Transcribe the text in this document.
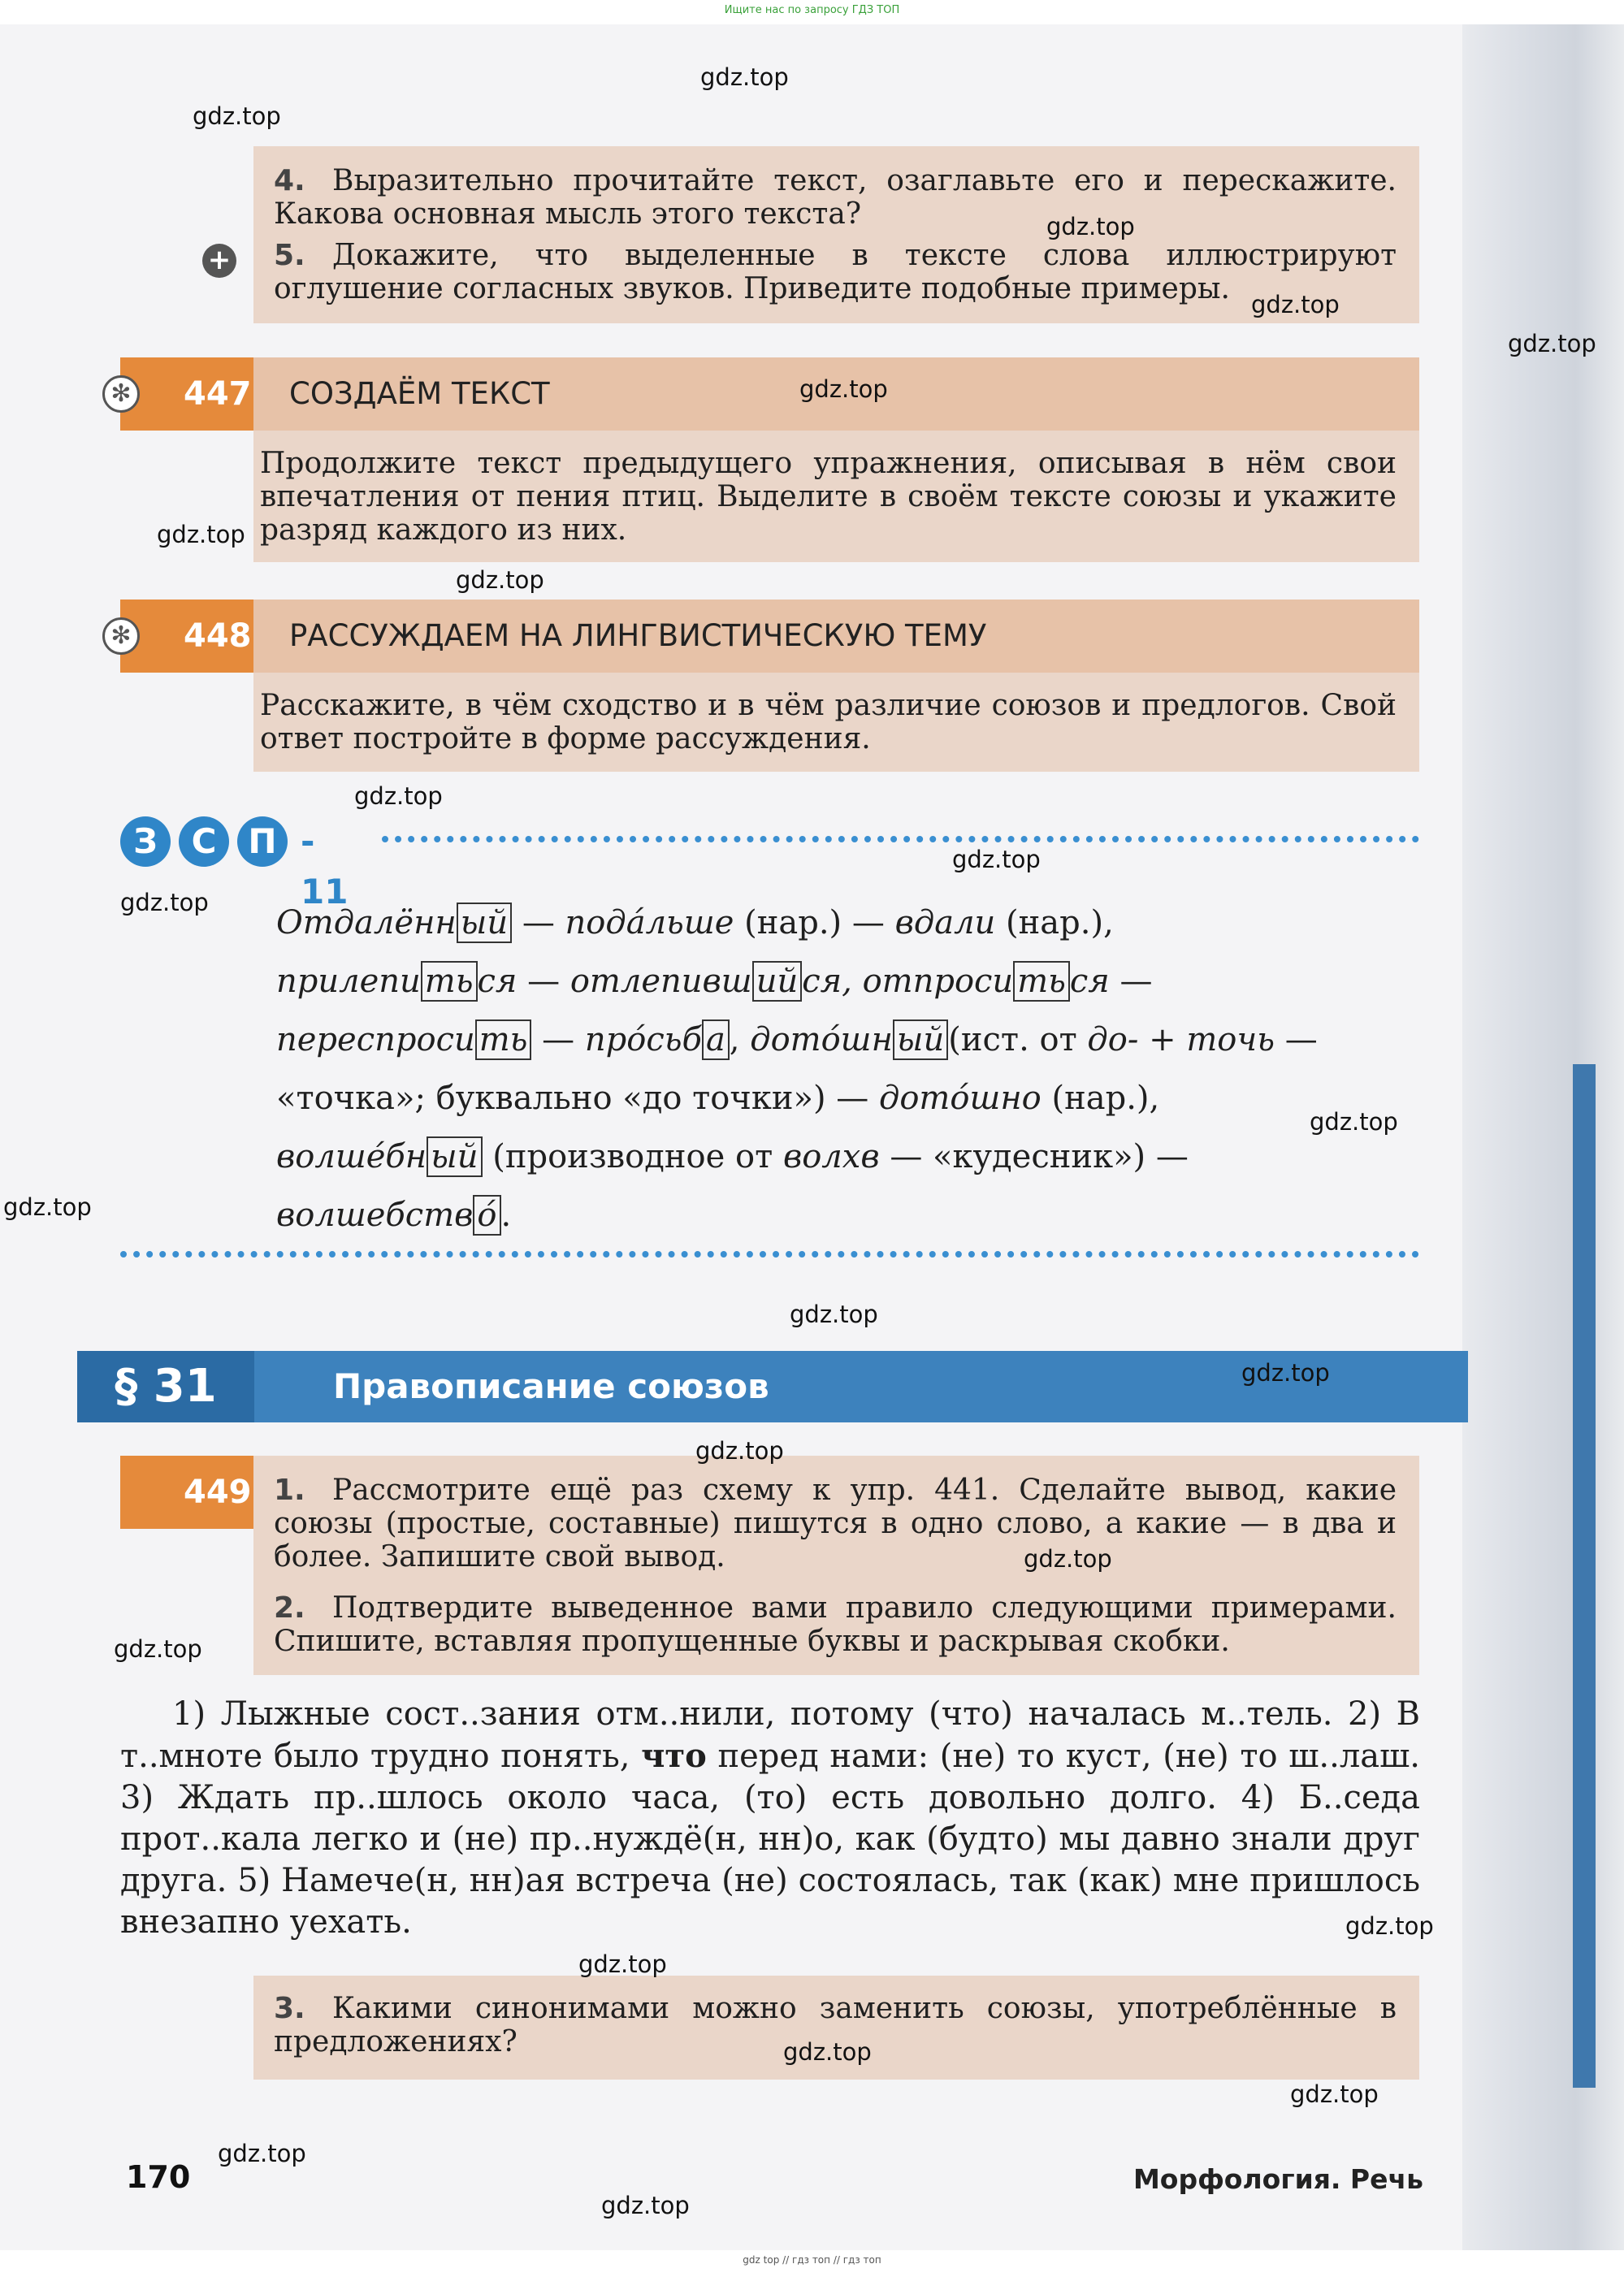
Ищите нас по запросу ГДЗ ТОП

4. Выразительно прочитайте текст, озаглавьте его и перескажите. Какова основная мысль этого текста?

5. Докажите, что выделенные в тексте слова иллюстрируют оглушение согласных звуков. Приведите подобные примеры.

+
447
✻	СОЗДАЁМ ТЕКСТ

Продолжите текст предыдущего упражнения, описывая в нём свои впечатления от пения птиц. Выделите в своём тексте союзы и укажите разряд каждого из них.

448
✻	РАССУЖДАЕМ НА ЛИНГВИСТИЧЕСКУЮ ТЕМУ

Расскажите, в чём сходство и в чём различие союзов и предлогов. Свой ответ постройте в форме рассуждения.

З С П - 11

Отдалённ ый — подáльше (нар.) — вдали (нар.),

прилепи ть ся — отлепивш ий ся, отпроси ть ся —

переспроси ть — прóсьб а , дотóшн ый (ист. от до- + точь —

«точка»; буквально «до точки») — дотóшно (нар.),

волшéбн ый (производное от волхв — «кудесник») —

волшебств ó .

§ 31	Правописание союзов
449 1. Рассмотрите ещё раз схему к упр. 441. Сделайте вывод, какие союзы (простые, составные) пишутся в одно слово, а какие — в два и более. Запишите свой вывод.

2. Подтвердите выведенное вами правило следующими примерами. Спишите, вставляя пропущенные буквы и раскрывая скобки.

1) Лыжные сост..зания отм..нили, потому (что) началась м..тель. 2) В т..мноте было трудно понять, что перед нами: (не) то куст, (не) то ш..лаш. 3) Ждать пр..шлось около часа, (то) есть довольно долго. 4) Б..седа прот..кала легко и (не) пр..нуждё(н, нн)о, как (будто) мы давно знали друг друга. 5) Намече(н, нн)ая встреча (не) состоялась, так (как) мне пришлось внезапно уехать.

3. Какими синонимами можно заменить союзы, употреблённые в предложениях?

170	Морфология. Речь
gdz top // гдз топ // гдз топ
gdz.top
gdz.top
gdz.top
gdz.top
gdz.top
gdz.top
gdz.top
gdz.top
gdz.top
gdz.top
gdz.top
gdz.top
gdz.top
gdz.top
gdz.top
gdz.top
gdz.top
gdz.top
gdz.top
gdz.top
gdz.top
gdz.top
gdz.top
gdz.top
